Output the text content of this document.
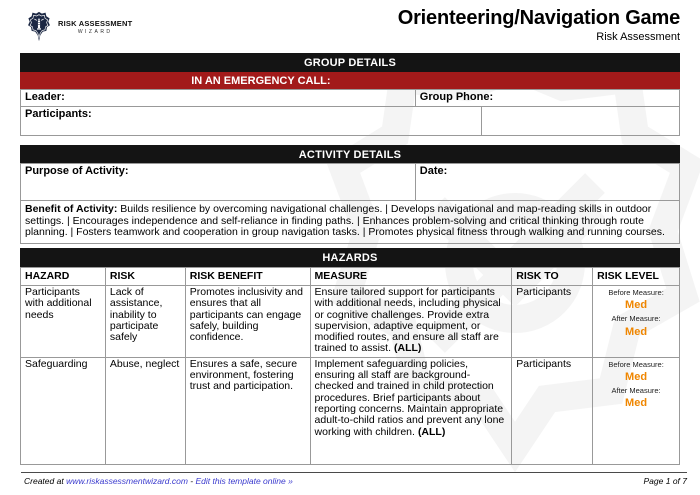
RISK ASSESSMENT
WIZARD
Orienteering/Navigation Game
Risk Assessment
GROUP DETAILS
IN AN EMERGENCY CALL:
Leader:	Group Phone:
Participants:
ACTIVITY DETAILS
Purpose of Activity:	Date:
Benefit of Activity: Builds resilience by overcoming navigational challenges. | Develops navigational and map-reading skills in outdoor settings. | Encourages independence and self-reliance in finding paths. | Enhances problem-solving and critical thinking through route planning. | Fosters teamwork and cooperation in group navigation tasks. | Promotes physical fitness through walking and running courses.
HAZARDS
HAZARD	RISK	RISK BENEFIT	MEASURE	RISK TO	RISK LEVEL
Participants with additional needs	Lack of assistance, inability to participate safely	Promotes inclusivity and ensures that all participants can engage safely, building confidence.	Ensure tailored support for participants with additional needs, including physical or cognitive challenges. Provide extra supervision, adaptive equipment, or modified routes, and ensure all staff are trained to assist. (ALL)	Participants	Before Measure:
Med
After Measure:
Med

Safeguarding	Abuse, neglect	Ensures a safe, secure environment, fostering trust and participation.	Implement safeguarding policies, ensuring all staff are background-checked and trained in child protection procedures. Brief participants about reporting concerns. Maintain appropriate adult-to-child ratios and prevent any lone working with children. (ALL)	Participants	Before Measure:
Med
After Measure:
Med
Created at www.riskassessmentwizard.com - Edit this template online »	Page 1 of 7
